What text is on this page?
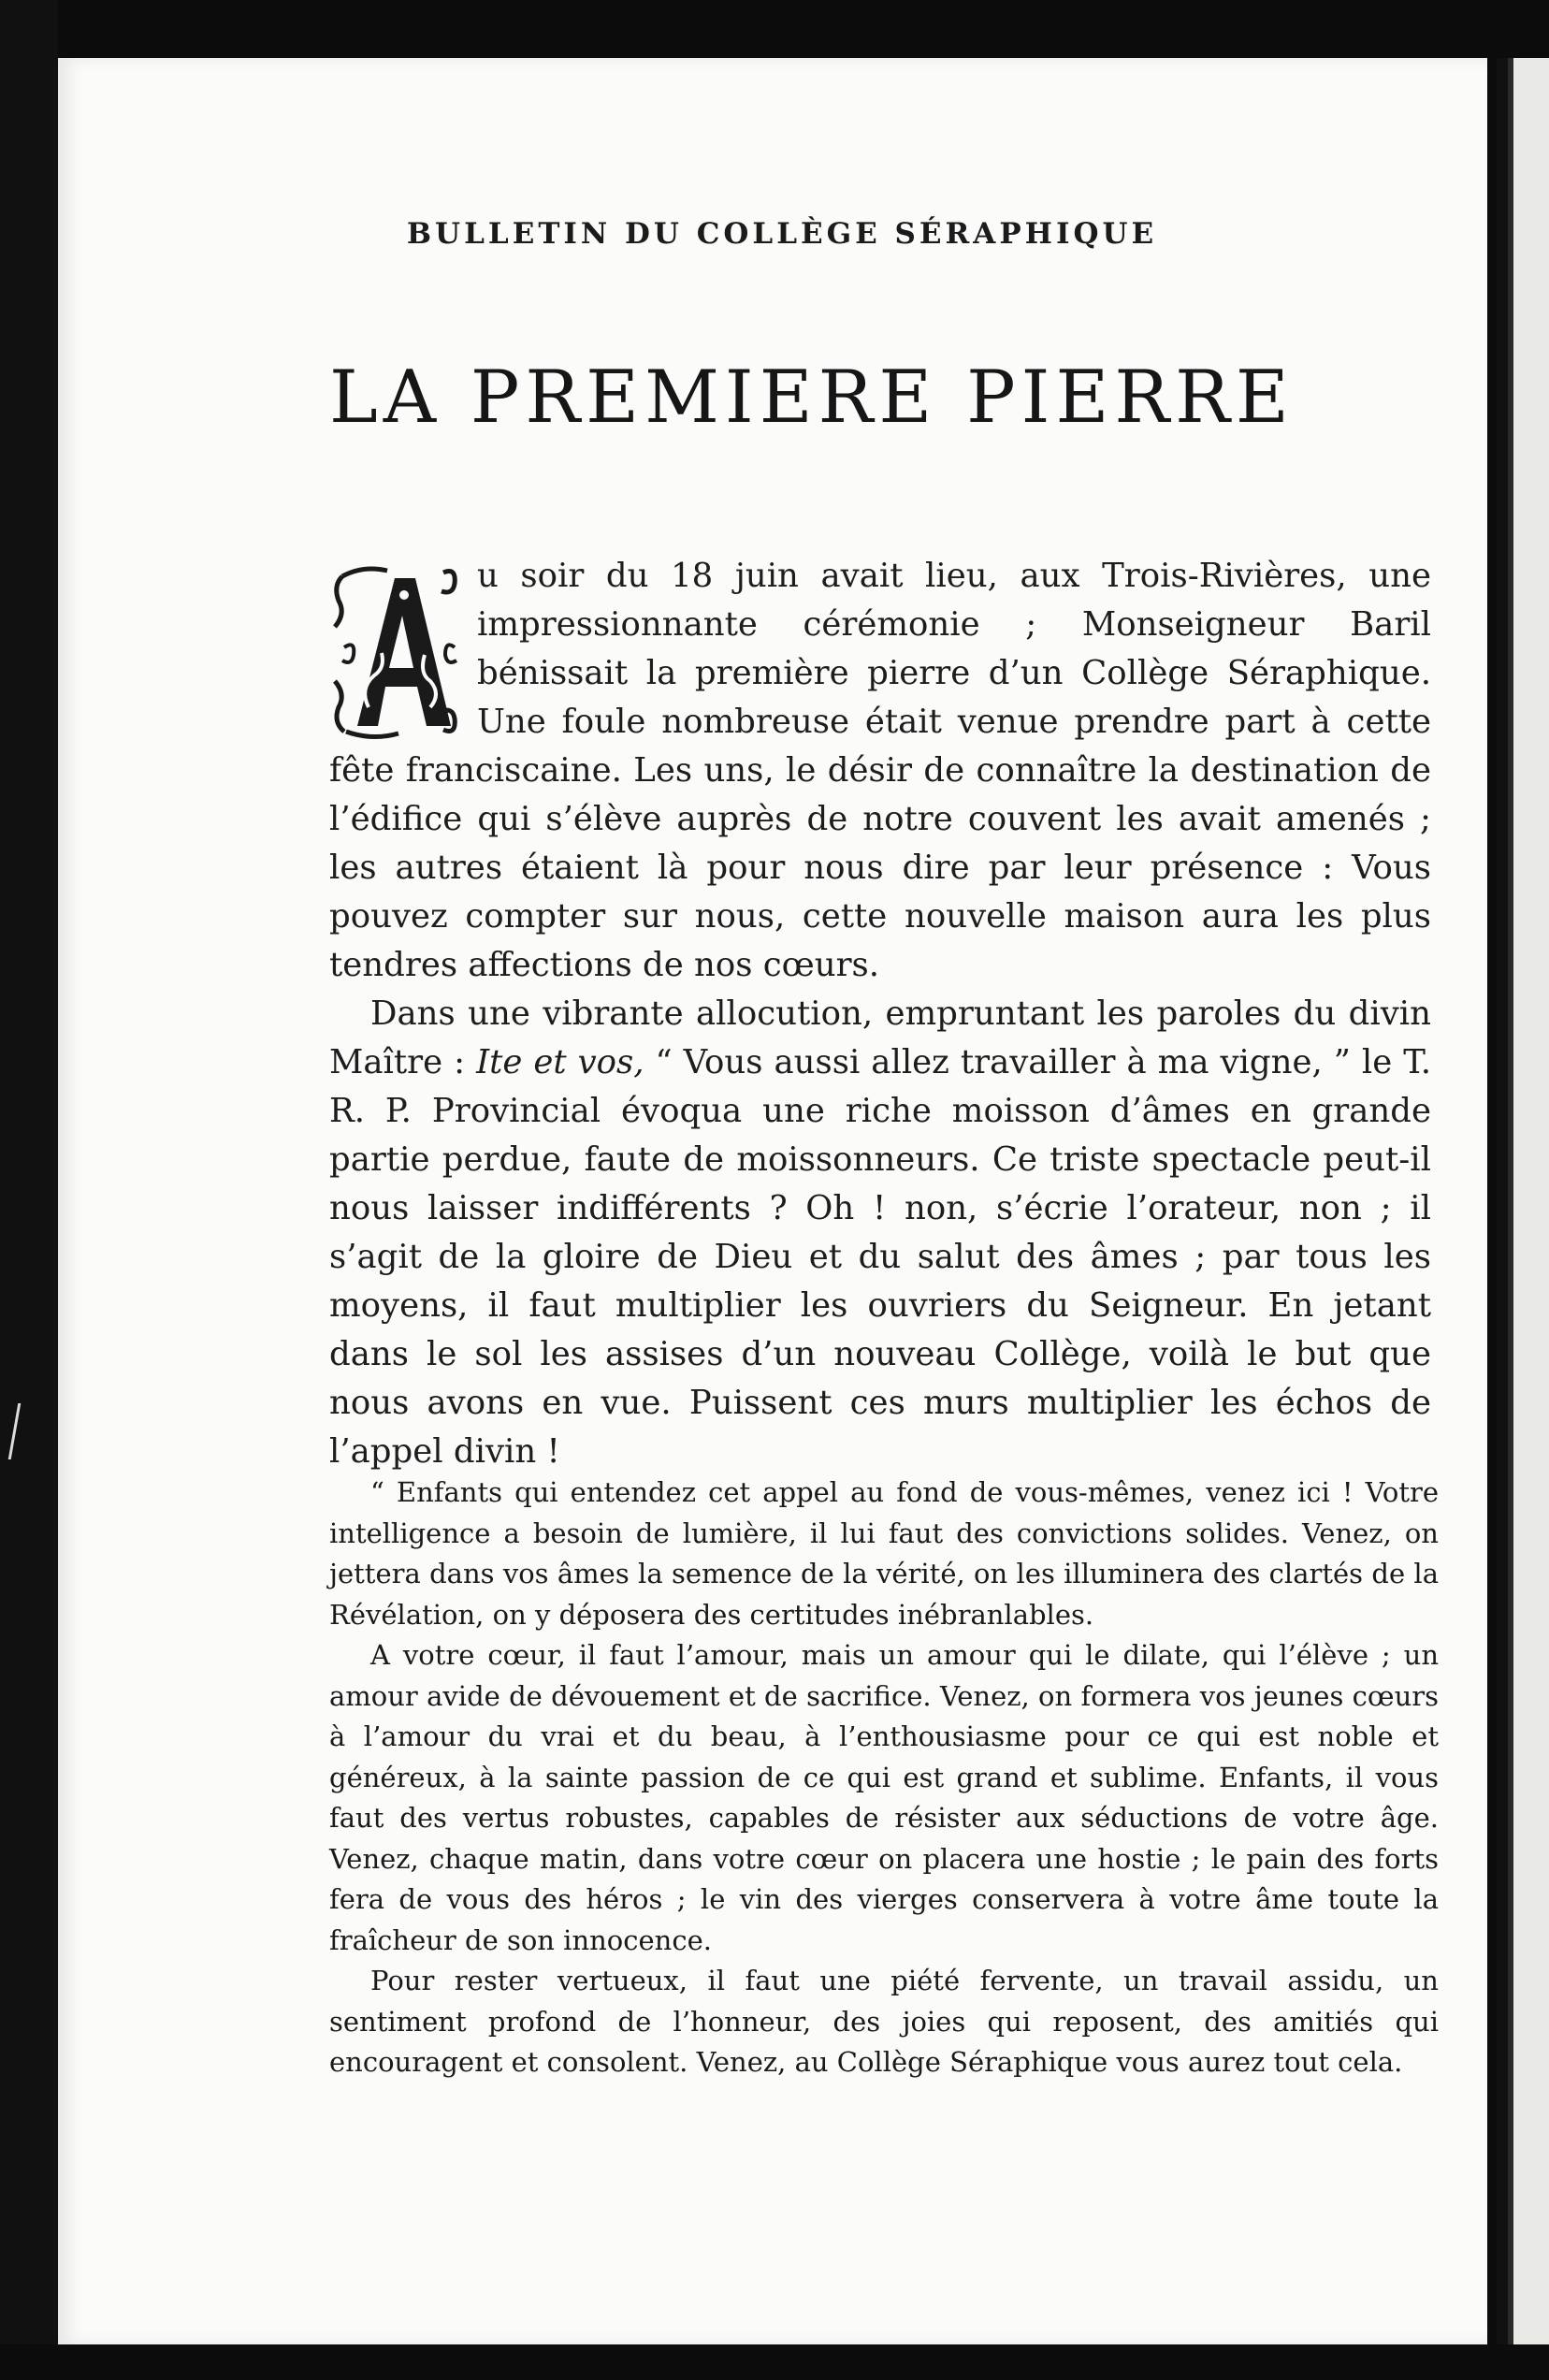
BULLETIN DU COLLÈGE SÉRAPHIQUE
LA PREMIERE PIERRE

u soir du 18 juin avait lieu, aux Trois-Rivières, une impressionnante cérémonie ; Monseigneur Baril bénissait la première pierre d’un Collège Séraphique. Une foule nombreuse était venue prendre part à cette fête franciscaine. Les uns, le désir de connaître la destination de l’édifice qui s’élève auprès de notre couvent les avait amenés ; les autres étaient là pour nous dire par leur présence : Vous pouvez compter sur nous, cette nouvelle maison aura les plus tendres affections de nos cœurs.

Dans une vibrante allocution, empruntant les paroles du divin Maître : Ite et vos, “ Vous aussi allez travailler à ma vigne, ” le T. R. P. Provincial évoqua une riche moisson d’âmes en grande partie perdue, faute de moissonneurs. Ce triste spectacle peut-il nous laisser indifférents ? Oh ! non, s’écrie l’orateur, non ; il s’agit de la gloire de Dieu et du salut des âmes ; par tous les moyens, il faut multiplier les ouvriers du Seigneur. En jetant dans le sol les assises d’un nouveau Collège, voilà le but que nous avons en vue. Puissent ces murs multiplier les échos de l’appel divin !

“ Enfants qui entendez cet appel au fond de vous-mêmes, venez ici ! Votre intelligence a besoin de lumière, il lui faut des convictions solides. Venez, on jettera dans vos âmes la semence de la vérité, on les illuminera des clartés de la Révélation, on y déposera des certitudes inébranlables.

A votre cœur, il faut l’amour, mais un amour qui le dilate, qui l’élève ; un amour avide de dévouement et de sacrifice. Venez, on formera vos jeunes cœurs à l’amour du vrai et du beau, à l’enthousiasme pour ce qui est noble et généreux, à la sainte passion de ce qui est grand et sublime. Enfants, il vous faut des vertus robustes, capables de résister aux séductions de votre âge. Venez, chaque matin, dans votre cœur on placera une hostie ; le pain des forts fera de vous des héros ; le vin des vierges conservera à votre âme toute la fraîcheur de son innocence.

Pour rester vertueux, il faut une piété fervente, un travail assidu, un sentiment profond de l’honneur, des joies qui reposent, des amitiés qui encouragent et consolent. Venez, au Collège Séraphique vous aurez tout cela.
